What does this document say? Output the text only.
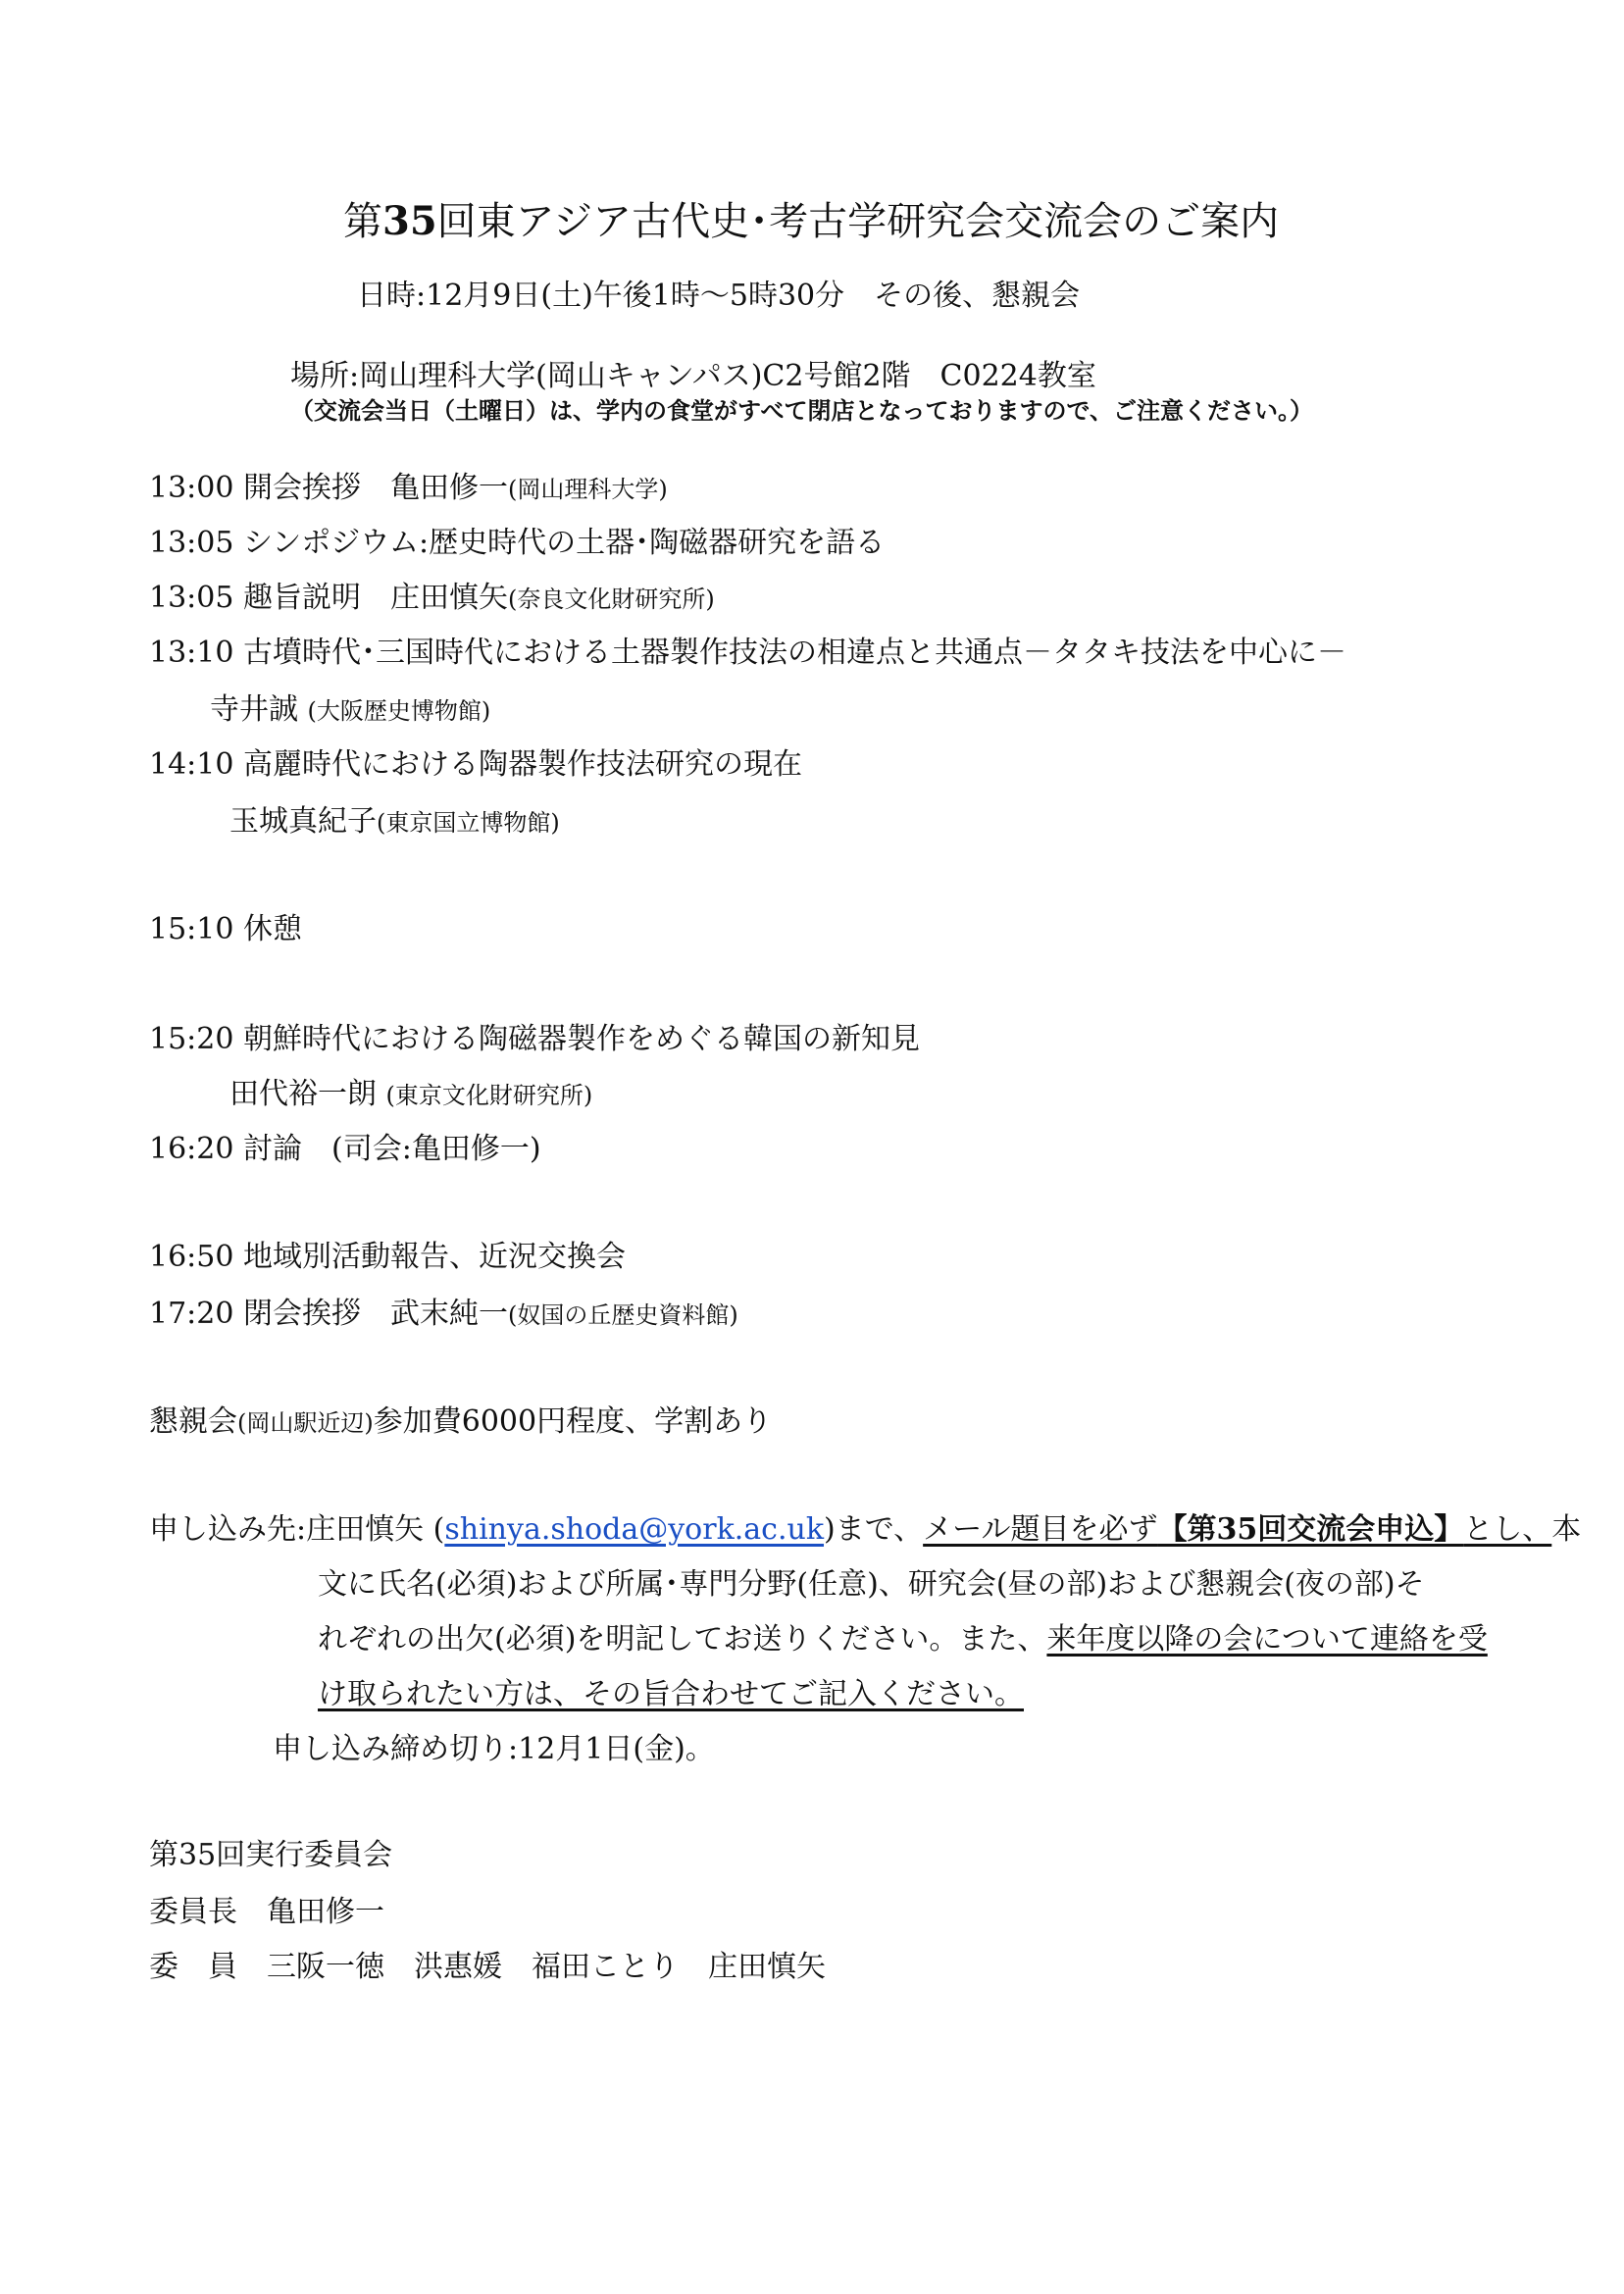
第35回東アジア古代史･考古学研究会交流会のご案内
日時:12月9日(土)午後1時～5時30分　その後、懇親会
場所:岡山理科大学(岡山キャンパス)C2号館2階　C0224教室
（交流会当日（土曜日）は、学内の食堂がすべて閉店となっておりますので、ご注意ください。）
13:00 開会挨拶　亀田修一(岡山理科大学)
13:05 シンポジウム:歴史時代の土器･陶磁器研究を語る
13:05 趣旨説明　庄田慎矢(奈良文化財研究所)
13:10 古墳時代･三国時代における土器製作技法の相違点と共通点－タタキ技法を中心に－
寺井誠 (大阪歴史博物館)
14:10 高麗時代における陶器製作技法研究の現在
玉城真紀子(東京国立博物館)
15:10 休憩
15:20 朝鮮時代における陶磁器製作をめぐる韓国の新知見
田代裕一朗 (東京文化財研究所)
16:20 討論　(司会:亀田修一)
16:50 地域別活動報告、近況交換会
17:20 閉会挨拶　武末純一(奴国の丘歴史資料館)
懇親会(岡山駅近辺)参加費6000円程度、学割あり
申し込み先:庄田慎矢 (shinya.shoda@york.ac.uk)まで、メール題目を必ず【第35回交流会申込】とし、本
文に氏名(必須)および所属･専門分野(任意)、研究会(昼の部)および懇親会(夜の部)そ
れぞれの出欠(必須)を明記してお送りください。また、来年度以降の会について連絡を受
け取られたい方は、その旨合わせてご記入ください。
申し込み締め切り:12月1日(金)。
第35回実行委員会
委員長　亀田修一
委　員　三阪一徳　洪惠媛　福田ことり　庄田慎矢
